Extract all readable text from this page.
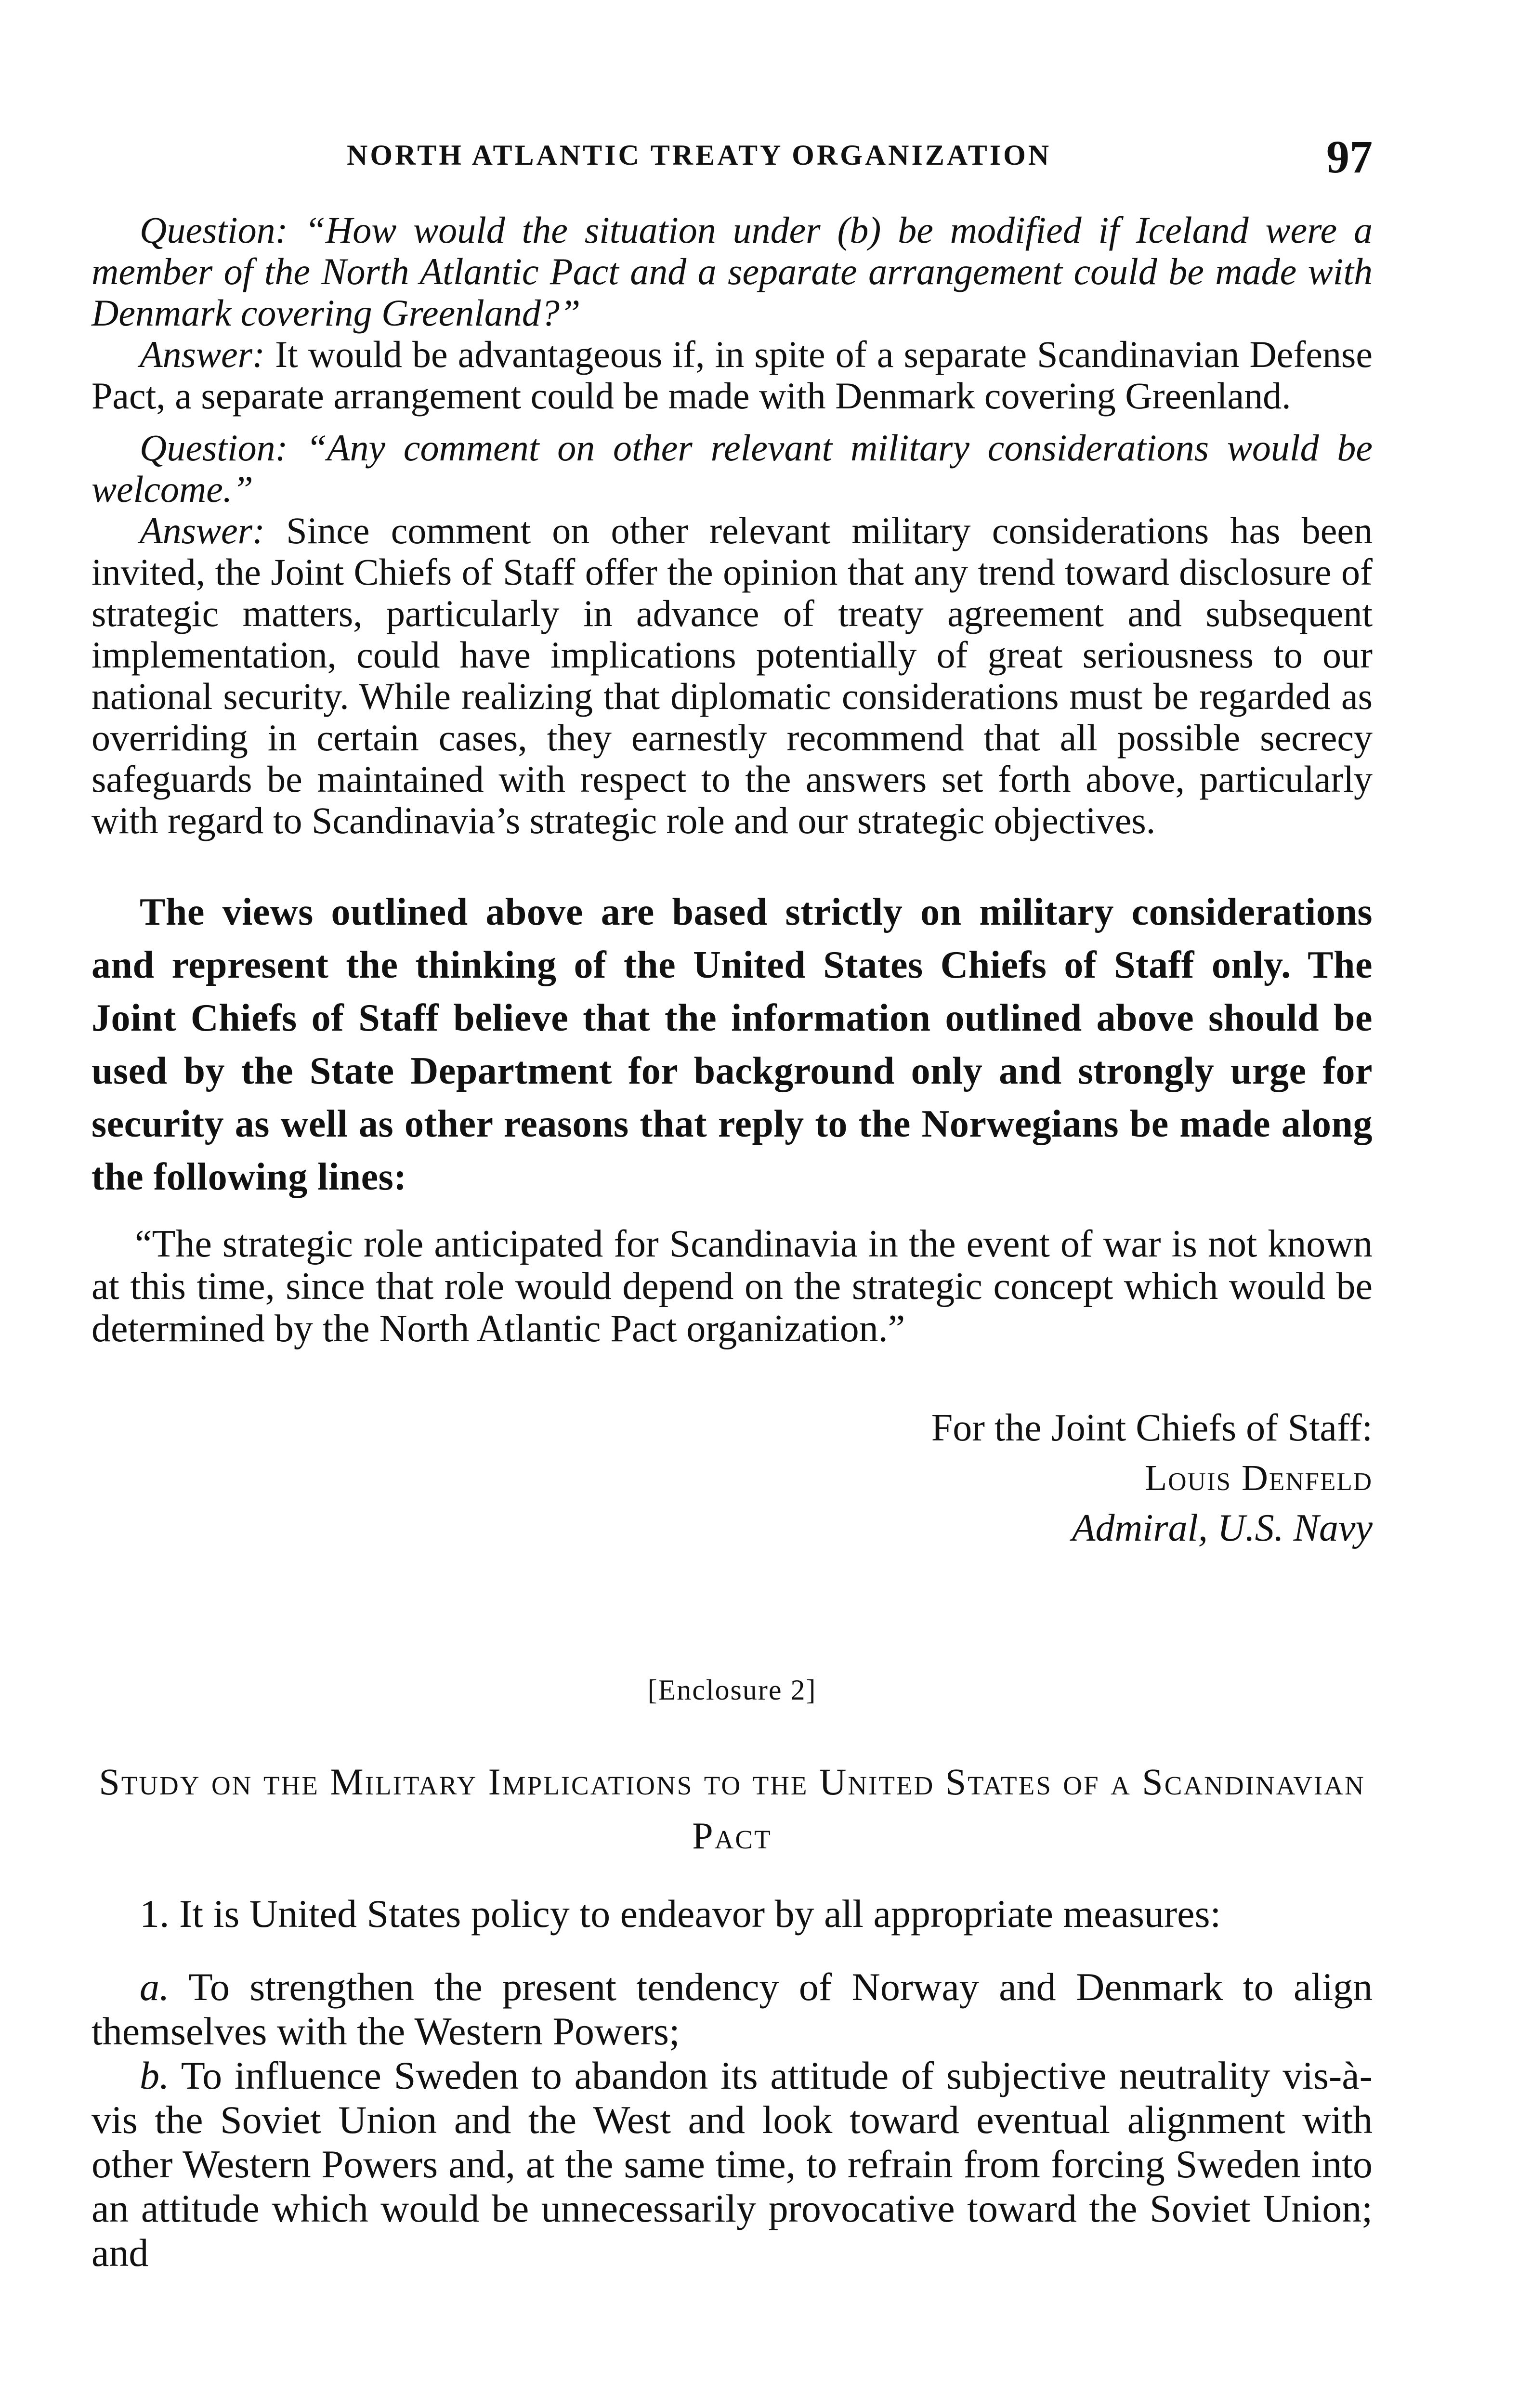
NORTH ATLANTIC TREATY ORGANIZATION	97

Question: “How would the situation under (b) be modified if Iceland were a member of the North Atlantic Pact and a separate arrangement could be made with Denmark covering Greenland?”

Answer: It would be advantageous if, in spite of a separate Scandinavian Defense Pact, a separate arrangement could be made with Denmark covering Greenland.

Question: “Any comment on other relevant military considerations would be welcome.”

Answer: Since comment on other relevant military considerations has been invited, the Joint Chiefs of Staff offer the opinion that any trend toward disclosure of strategic matters, particularly in advance of treaty agreement and subsequent implementation, could have implications potentially of great seriousness to our national security. While realizing that diplomatic considerations must be regarded as overriding in certain cases, they earnestly recommend that all possible secrecy safeguards be maintained with respect to the answers set forth above, particularly with regard to Scandinavia’s strategic role and our strategic objectives.

The views outlined above are based strictly on military considerations and represent the thinking of the United States Chiefs of Staff only. The Joint Chiefs of Staff believe that the information outlined above should be used by the State Department for background only and strongly urge for security as well as other reasons that reply to the Norwegians be made along the following lines:

“The strategic role anticipated for Scandinavia in the event of war is not known at this time, since that role would depend on the strategic concept which would be determined by the North Atlantic Pact organization.”

For the Joint Chiefs of Staff:
Louis Denfeld
Admiral, U.S. Navy
[Enclosure 2]
Study on the Military Implications to the United States of a Scandinavian Pact

1. It is United States policy to endeavor by all appropriate measures:

a. To strengthen the present tendency of Norway and Denmark to align themselves with the Western Powers;

b. To influence Sweden to abandon its attitude of subjective neutrality vis-à-vis the Soviet Union and the West and look toward eventual alignment with other Western Powers and, at the same time, to refrain from forcing Sweden into an attitude which would be unnecessarily provocative toward the Soviet Union; and
